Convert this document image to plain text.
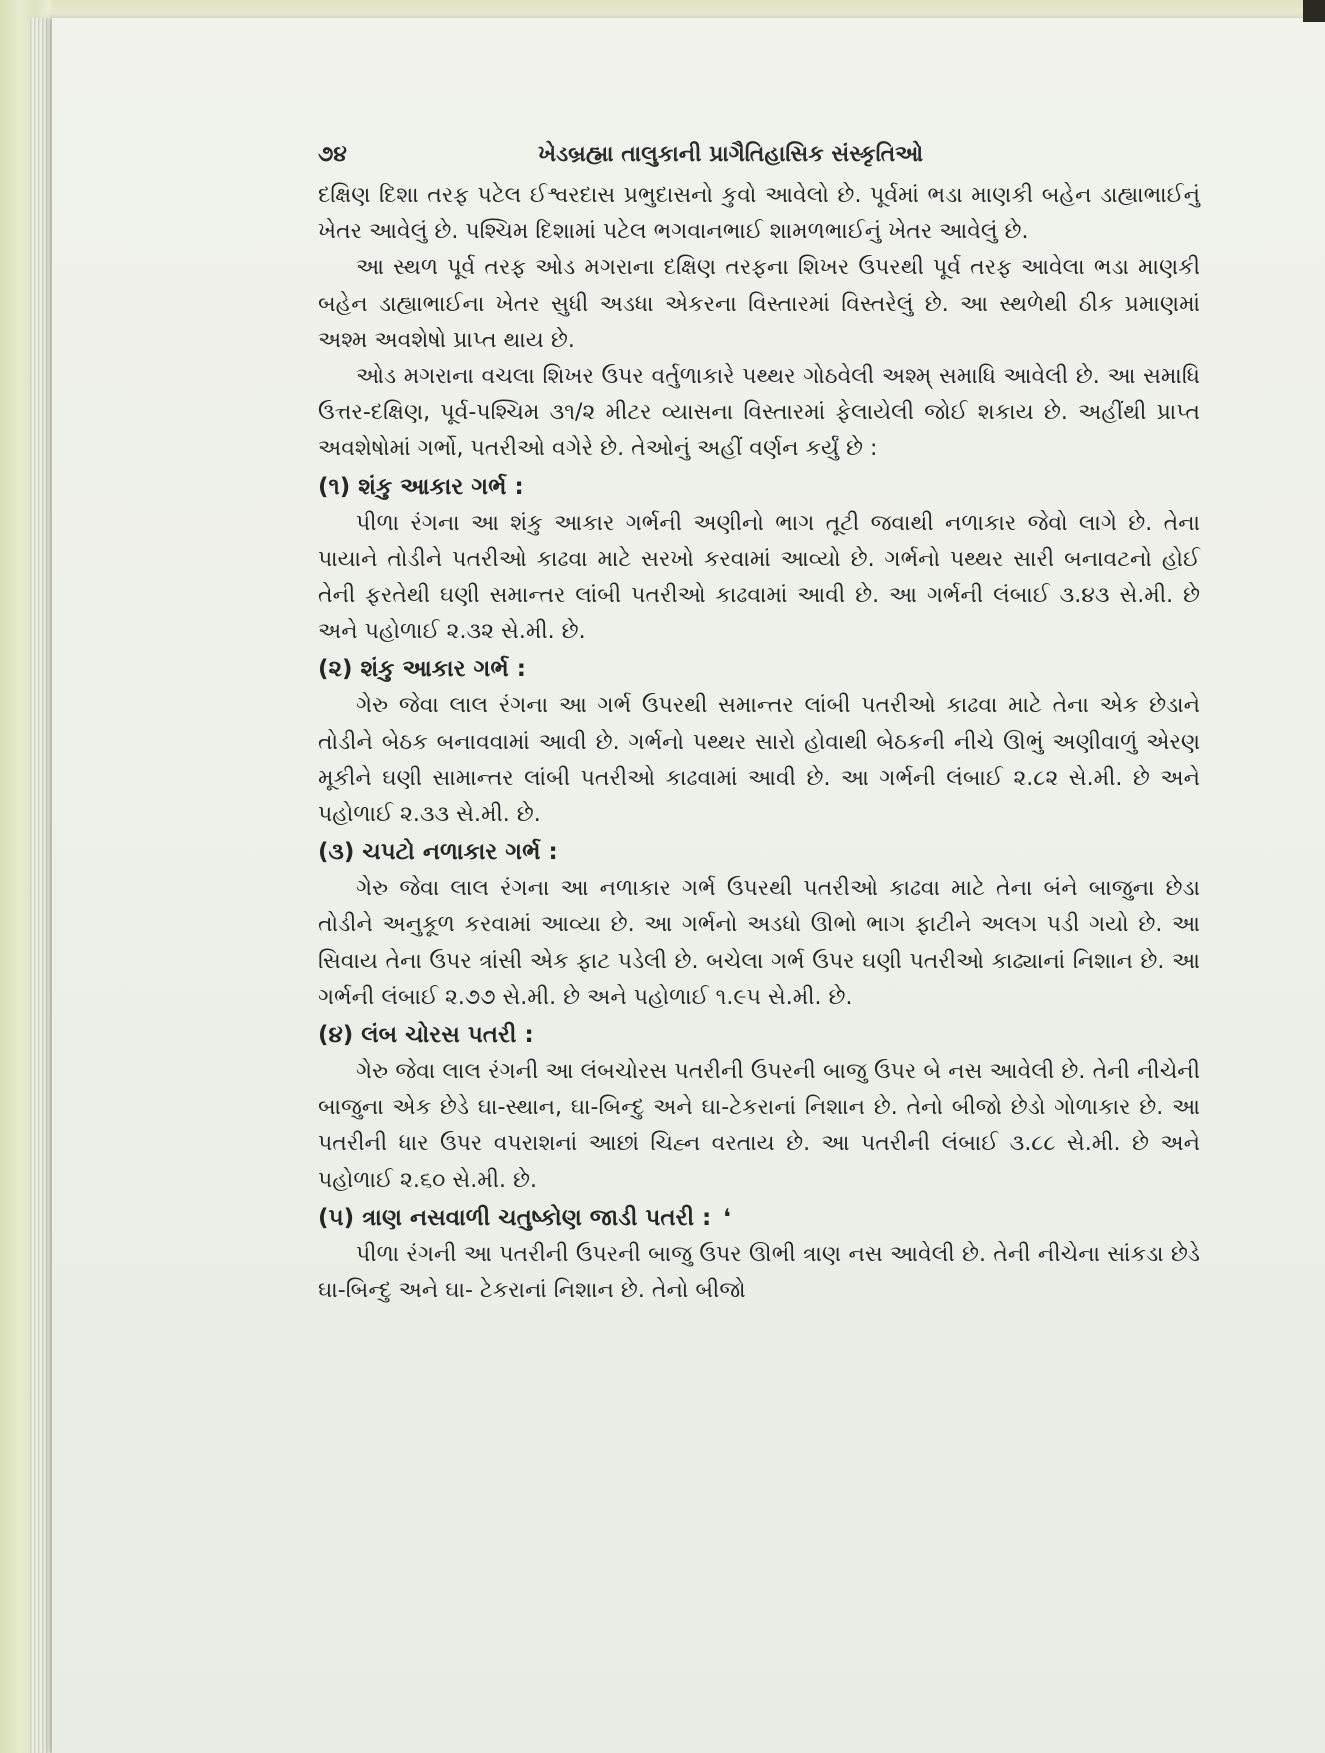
૭૪	ખેડબ્રહ્મા તાલુકાની પ્રાગૈતિહાસિક સંસ્કૃતિઓ

દક્ષિણ દિશા તરફ પટેલ ઈશ્વરદાસ પ્રભુદાસનો કુવો આવેલો છે. પૂર્વમાં ભડા માણકી બહેન ડાહ્યાભાઈનું ખેતર આવેલું છે. પશ્ચિમ દિશામાં પટેલ ભગવાનભાઈ શામળભાઈનું ખેતર આવેલું છે.

આ સ્થળ પૂર્વ તરફ ઓડ મગરાના દક્ષિણ તરફના શિખર ઉપરથી પૂર્વ તરફ આવેલા ભડા માણકી બહેન ડાહ્યાભાઈના ખેતર સુધી અડધા એકરના વિસ્તારમાં વિસ્તરેલું છે. આ સ્થળેથી ઠીક પ્રમાણમાં અશ્મ અવશેષો પ્રાપ્ત થાય છે.

ઓડ મગરાના વચલા શિખર ઉપર વર્તુળાકારે પથ્થર ગોઠવેલી અશ્મ્ સમાધિ આવેલી છે. આ સમાધિ ઉત્તર-દક્ષિણ, પૂર્વ-પશ્ચિમ ૩૧/૨ મીટર વ્યાસના વિસ્તારમાં ફેલાયેલી જોઈ શકાય છે. અહીંથી પ્રાપ્ત અવશેષોમાં ગર્ભો, પતરીઓ વગેરે છે. તેઓનું અહીં વર્ણન કર્યું છે :

(૧) શંકુ આકાર ગર્ભ :

પીળા રંગના આ શંકુ આકાર ગર્ભની અણીનો ભાગ તૂટી જવાથી નળાકાર જેવો લાગે છે. તેના પાયાને તોડીને પતરીઓ કાઢવા માટે સરખો કરવામાં આવ્યો છે. ગર્ભનો પથ્થર સારી બનાવટનો હોઈ તેની ફરતેથી ઘણી સમાન્તર લાંબી પતરીઓ કાઢવામાં આવી છે. આ ગર્ભની લંબાઈ ૩.૪૩ સે.મી. છે અને પહોળાઈ ૨.૩૨ સે.મી. છે.

(૨) શંકુ આકાર ગર્ભ :

ગેરુ જેવા લાલ રંગના આ ગર્ભ ઉપરથી સમાન્તર લાંબી પતરીઓ કાઢવા માટે તેના એક છેડાને તોડીને બેઠક બનાવવામાં આવી છે. ગર્ભનો પથ્થર સારો હોવાથી બેઠકની નીચે ઊભું અણીવાળું એરણ મૂકીને ઘણી સામાન્તર લાંબી પતરીઓ કાઢવામાં આવી છે. આ ગર્ભની લંબાઈ ૨.૮૨ સે.મી. છે અને પહોળાઈ ૨.૩૩ સે.મી. છે.

(૩) ચપટો નળાકાર ગર્ભ :

ગેરુ જેવા લાલ રંગના આ નળાકાર ગર્ભ ઉપરથી પતરીઓ કાઢવા માટે તેના બંને બાજુના છેડા તોડીને અનુકૂળ કરવામાં આવ્યા છે. આ ગર્ભનો અડધો ઊભો ભાગ ફાટીને અલગ પડી ગયો છે. આ સિવાય તેના ઉપર ત્રાંસી એક ફાટ પડેલી છે. બચેલા ગર્ભ ઉપર ઘણી પતરીઓ કાઢ્યાનાં નિશાન છે. આ ગર્ભની લંબાઈ ૨.૭૭ સે.મી. છે અને પહોળાઈ ૧.૯૫ સે.મી. છે.

(૪) લંબ ચોરસ પતરી :

ગેરુ જેવા લાલ રંગની આ લંબચોરસ પતરીની ઉપરની બાજુ ઉપર બે નસ આવેલી છે. તેની નીચેની બાજુના એક છેડે ઘા-સ્થાન, ઘા-બિન્દુ અને ઘા-ટેકરાનાં નિશાન છે. તેનો બીજો છેડો ગોળાકાર છે. આ પતરીની ધાર ઉપર વપરાશનાં આછાં ચિહ્ન વરતાય છે. આ પતરીની લંબાઈ ૩.૮૮ સે.મી. છે અને પહોળાઈ ૨.૬૦ સે.મી. છે.

(૫) ત્રાણ નસવાળી ચતુષ્કોણ જાડી પતરી : ❛

પીળા રંગની આ પતરીની ઉપરની બાજુ ઉપર ઊભી ત્રાણ નસ આવેલી છે. તેની નીચેના સાંકડા છેડે ઘા-બિન્દુ અને ઘા- ટેકરાનાં નિશાન છે. તેનો બીજો
